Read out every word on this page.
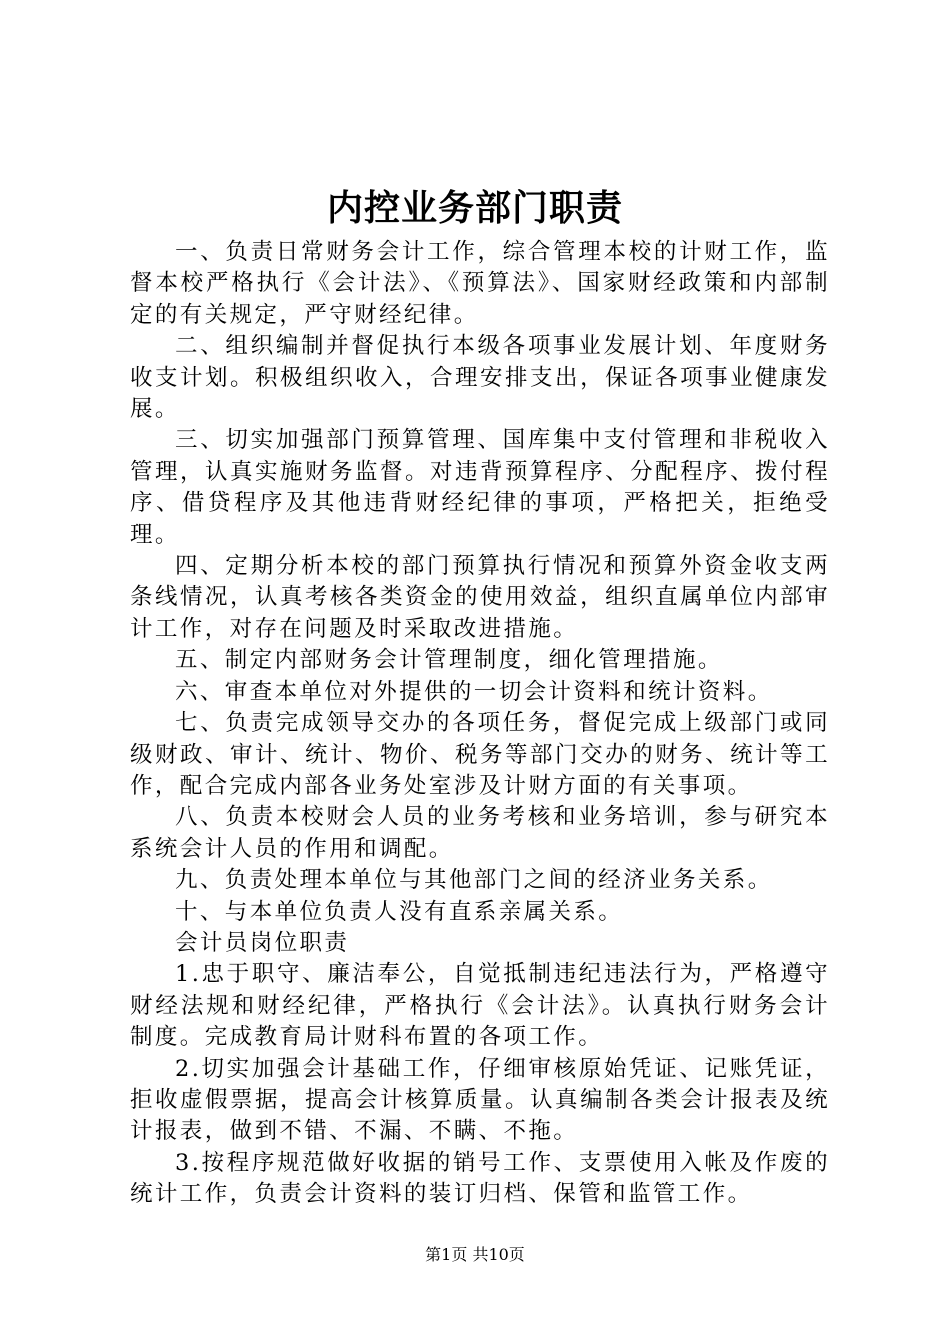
内控业务部门职责

一、负责日常财务会计工作，综合管理本校的计财工作，监督本校严格执行《会计法》、《预算法》、国家财经政策和内部制定的有关规定，严守财经纪律。

二、组织编制并督促执行本级各项事业发展计划、年度财务收支计划。积极组织收入，合理安排支出，保证各项事业健康发展。

三、切实加强部门预算管理、国库集中支付管理和非税收入管理，认真实施财务监督。对违背预算程序、分配程序、拨付程序、借贷程序及其他违背财经纪律的事项，严格把关，拒绝受理。

四、定期分析本校的部门预算执行情况和预算外资金收支两条线情况，认真考核各类资金的使用效益，组织直属单位内部审计工作，对存在问题及时采取改进措施。

五、制定内部财务会计管理制度，细化管理措施。

六、审查本单位对外提供的一切会计资料和统计资料。

七、负责完成领导交办的各项任务，督促完成上级部门或同级财政、审计、统计、物价、税务等部门交办的财务、统计等工作，配合完成内部各业务处室涉及计财方面的有关事项。

八、负责本校财会人员的业务考核和业务培训，参与研究本系统会计人员的作用和调配。

九、负责处理本单位与其他部门之间的经济业务关系。

十、与本单位负责人没有直系亲属关系。

会计员岗位职责

1.忠于职守、廉洁奉公，自觉抵制违纪违法行为，严格遵守财经法规和财经纪律，严格执行《会计法》。认真执行财务会计制度。完成教育局计财科布置的各项工作。

2.切实加强会计基础工作，仔细审核原始凭证、记账凭证，拒收虚假票据，提高会计核算质量。认真编制各类会计报表及统计报表，做到不错、不漏、不瞒、不拖。

3.按程序规范做好收据的销号工作、支票使用入帐及作废的统计工作，负责会计资料的装订归档、保管和监管工作。

第1页 共10页
